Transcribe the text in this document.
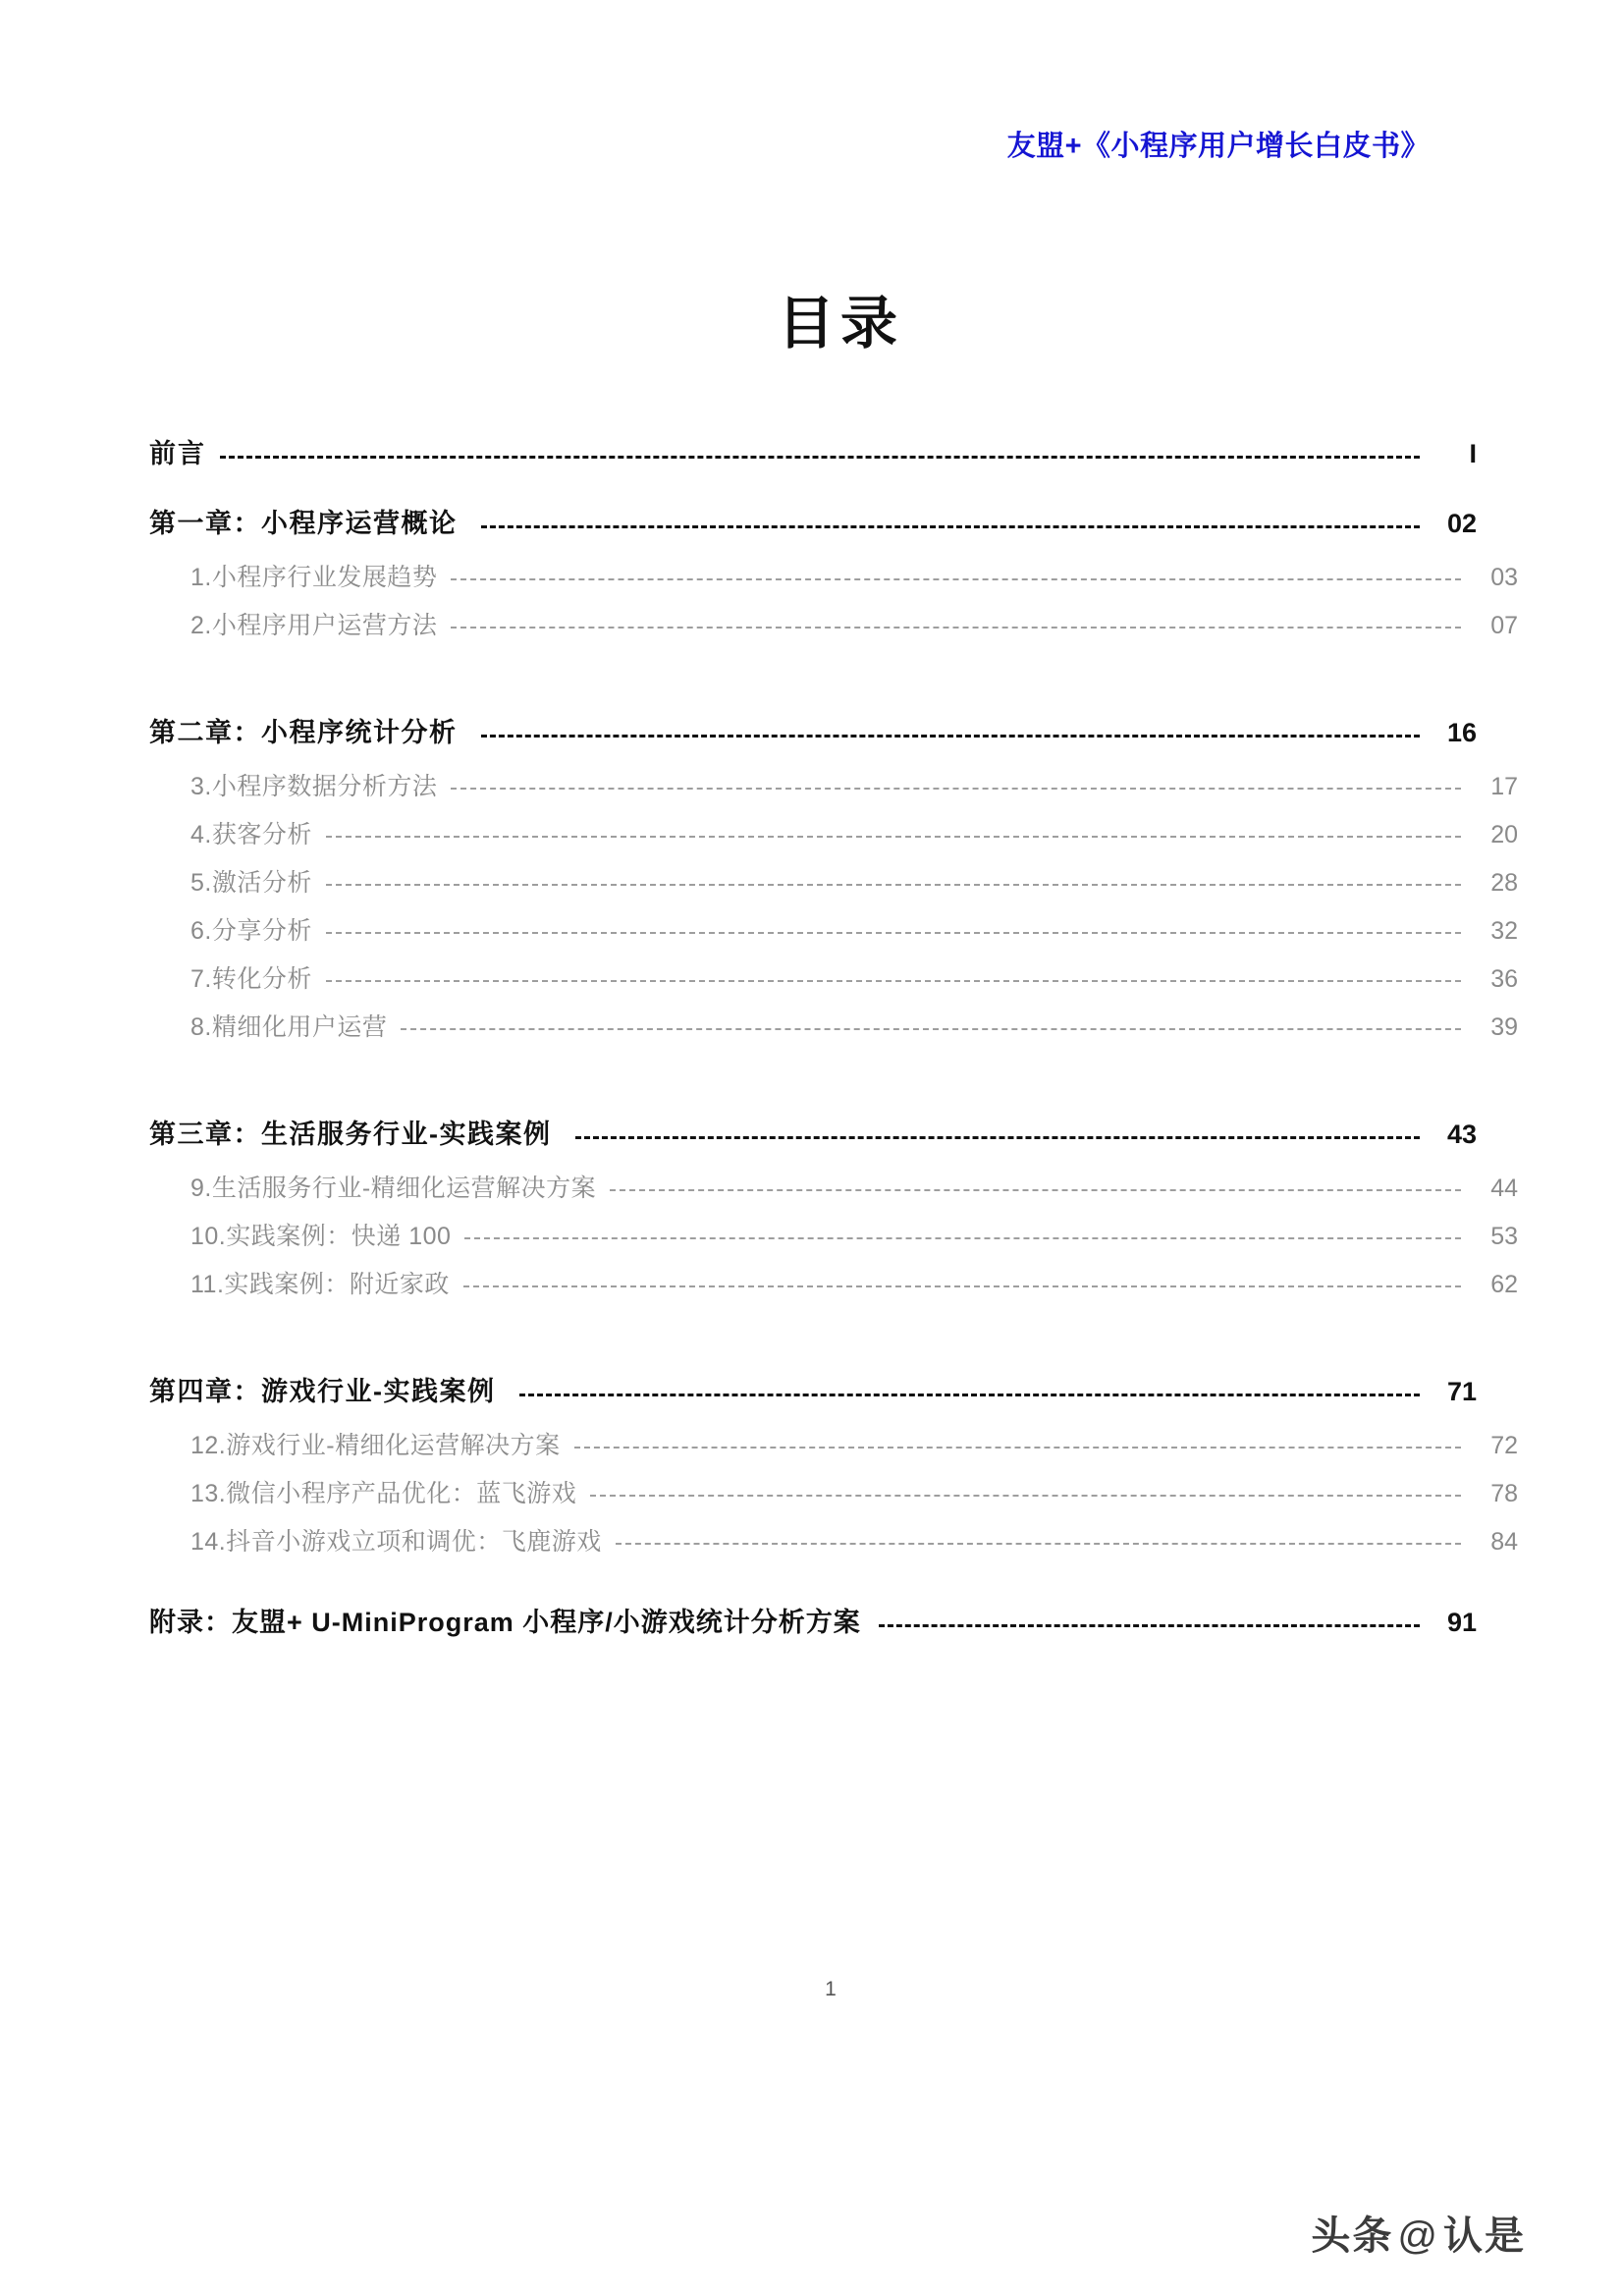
友盟+《小程序用户增长白皮书》
目录
前言	I
第一章：小程序运营概论	02
1.小程序行业发展趋势	03
2.小程序用户运营方法	07
第二章：小程序统计分析	16
3.小程序数据分析方法	17
4.获客分析	20
5.激活分析	28
6.分享分析	32
7.转化分析	36
8.精细化用户运营	39
第三章：生活服务行业-实践案例	43
9.生活服务行业-精细化运营解决方案	44
10.实践案例：快递 100	53
11.实践案例：附近家政	62
第四章：游戏行业-实践案例	71
12.游戏行业-精细化运营解决方案	72
13.微信小程序产品优化：蓝飞游戏	78
14.抖音小游戏立项和调优：飞鹿游戏	84
附录：友盟+ U-MiniProgram 小程序/小游戏统计分析方案	91
1
头条 @ 认是
